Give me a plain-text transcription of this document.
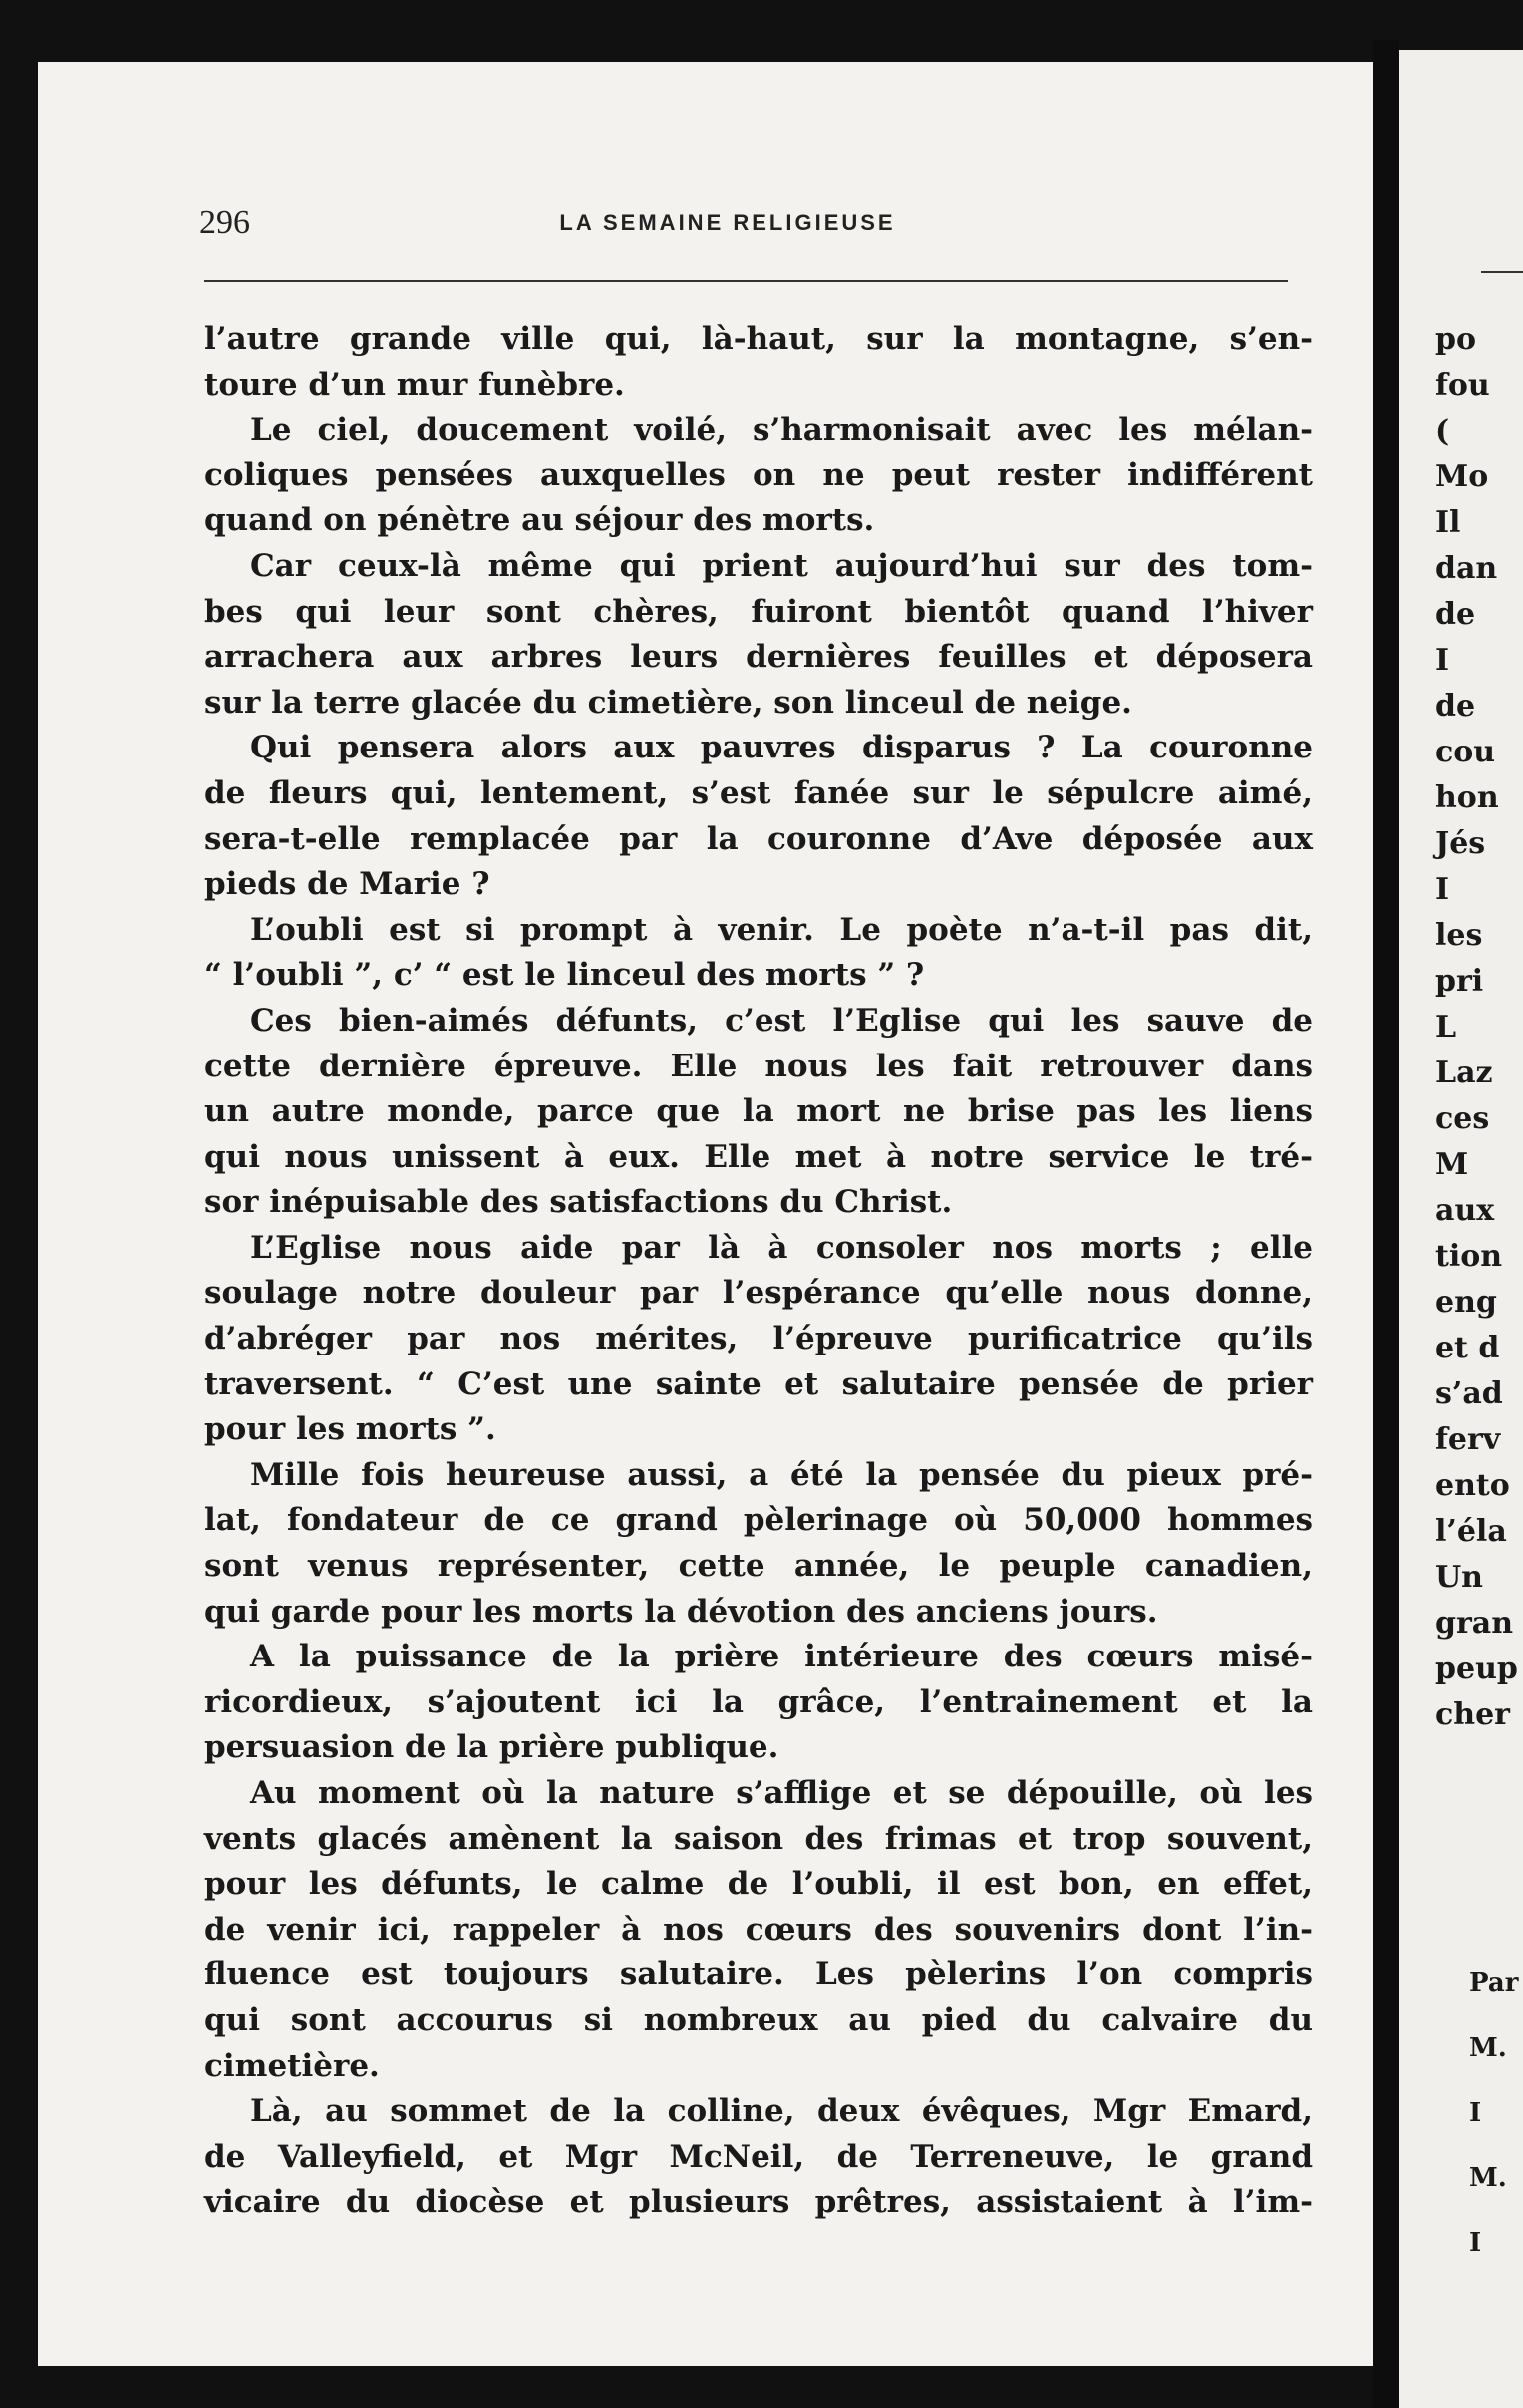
296	LA SEMAINE RELIGIEUSE
l’autre grande ville qui, là-haut, sur la montagne, s’en-
toure d’un mur funèbre.
Le ciel, doucement voilé, s’harmonisait avec les mélan-
coliques pensées auxquelles on ne peut rester indifférent
quand on pénètre au séjour des morts.
Car ceux-là même qui prient aujourd’hui sur des tom-
bes qui leur sont chères, fuiront bientôt quand l’hiver
arrachera aux arbres leurs dernières feuilles et déposera
sur la terre glacée du cimetière, son linceul de neige.
Qui pensera alors aux pauvres disparus ? La couronne
de fleurs qui, lentement, s’est fanée sur le sépulcre aimé,
sera-t-elle remplacée par la couronne d’Ave déposée aux
pieds de Marie ?
L’oubli est si prompt à venir. Le poète n’a-t-il pas dit,
“ l’oubli ”, c’ “ est le linceul des morts ” ?
Ces bien-aimés défunts, c’est l’Eglise qui les sauve de
cette dernière épreuve. Elle nous les fait retrouver dans
un autre monde, parce que la mort ne brise pas les liens
qui nous unissent à eux. Elle met à notre service le tré-
sor inépuisable des satisfactions du Christ.
L’Eglise nous aide par là à consoler nos morts ; elle
soulage notre douleur par l’espérance qu’elle nous donne,
d’abréger par nos mérites, l’épreuve purificatrice qu’ils
traversent. “ C’est une sainte et salutaire pensée de prier
pour les morts ”.
Mille fois heureuse aussi, a été la pensée du pieux pré-
lat, fondateur de ce grand pèlerinage où 50,000 hommes
sont venus représenter, cette année, le peuple canadien,
qui garde pour les morts la dévotion des anciens jours.
A la puissance de la prière intérieure des cœurs misé-
ricordieux, s’ajoutent ici la grâce, l’entrainement et la
persuasion de la prière publique.
Au moment où la nature s’afflige et se dépouille, où les
vents glacés amènent la saison des frimas et trop souvent,
pour les défunts, le calme de l’oubli, il est bon, en effet,
de venir ici, rappeler à nos cœurs des souvenirs dont l’in-
fluence est toujours salutaire. Les pèlerins l’on compris
qui sont accourus si nombreux au pied du calvaire du
cimetière.
Là, au sommet de la colline, deux évêques, Mgr Emard,
de Valleyfield, et Mgr McNeil, de Terreneuve, le grand
vicaire du diocèse et plusieurs prêtres, assistaient à l’im-
po
fou
(
Mo
Il
dan
de
I
de
cou
hon
Jés
I
les
pri
L
Laz
ces
M
aux
tion
eng
et d
s’ad
ferv
ento
l’éla
Un
gran
peup
cher
Par
M. I
M. I
